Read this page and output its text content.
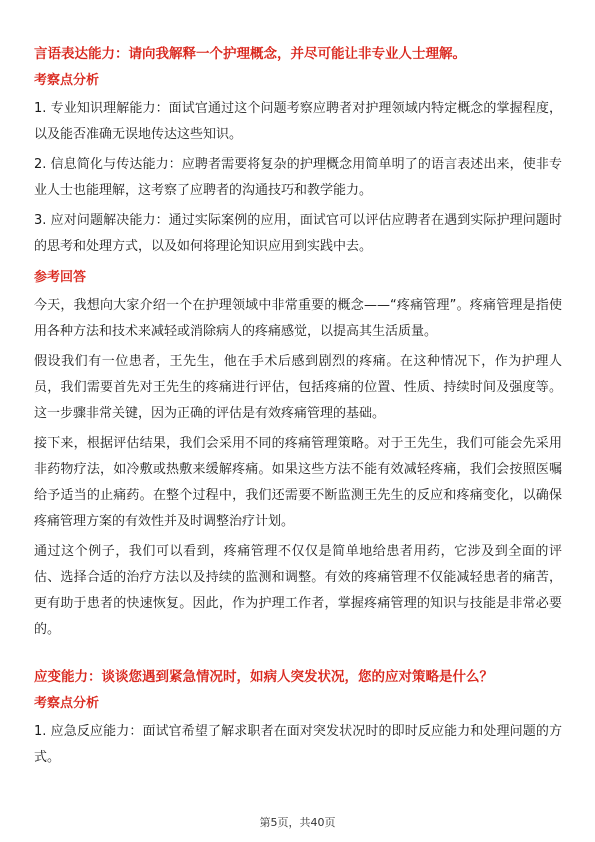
言语表达能力：请向我解释一个护理概念，并尽可能让非专业人士理解。
考察点分析

1. 专业知识理解能力：面试官通过这个问题考察应聘者对护理领域内特定概念的掌握程度，以及能否准确无误地传达这些知识。

2. 信息简化与传达能力：应聘者需要将复杂的护理概念用简单明了的语言表述出来，使非专业人士也能理解，这考察了应聘者的沟通技巧和教学能力。

3. 应对问题解决能力：通过实际案例的应用，面试官可以评估应聘者在遇到实际护理问题时的思考和处理方式，以及如何将理论知识应用到实践中去。

参考回答

今天，我想向大家介绍一个在护理领域中非常重要的概念——“疼痛管理”。疼痛管理是指使用各种方法和技术来减轻或消除病人的疼痛感觉，以提高其生活质量。

假设我们有一位患者，王先生，他在手术后感到剧烈的疼痛。在这种情况下，作为护理人员，我们需要首先对王先生的疼痛进行评估，包括疼痛的位置、性质、持续时间及强度等。这一步骤非常关键，因为正确的评估是有效疼痛管理的基础。

接下来，根据评估结果，我们会采用不同的疼痛管理策略。对于王先生，我们可能会先采用非药物疗法，如冷敷或热敷来缓解疼痛。如果这些方法不能有效减轻疼痛，我们会按照医嘱给予适当的止痛药。在整个过程中，我们还需要不断监测王先生的反应和疼痛变化，以确保疼痛管理方案的有效性并及时调整治疗计划。

通过这个例子，我们可以看到，疼痛管理不仅仅是简单地给患者用药，它涉及到全面的评估、选择合适的治疗方法以及持续的监测和调整。有效的疼痛管理不仅能减轻患者的痛苦，更有助于患者的快速恢复。因此，作为护理工作者，掌握疼痛管理的知识与技能是非常必要的。

应变能力：谈谈您遇到紧急情况时，如病人突发状况，您的应对策略是什么？
考察点分析

1. 应急反应能力：面试官希望了解求职者在面对突发状况时的即时反应能力和处理问题的方式。

第5页，共40页
